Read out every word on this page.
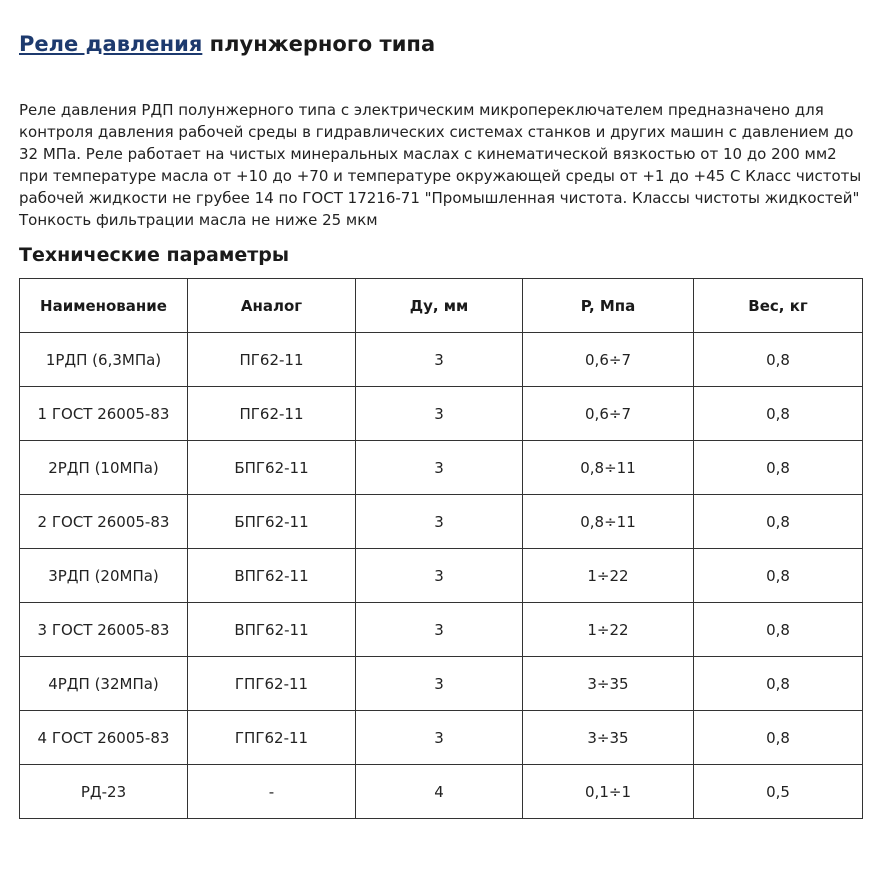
Реле давления плунжерного типа

Реле давления РДП полунжерного типа с электрическим микропереключателем предназначено для контроля давления рабочей среды в гидравлических системах станков и других машин с давлением до 32 МПа. Реле работает на чистых минеральных маслах с кинематической вязкостью от 10 до 200 мм2 при температуре масла от +10 до +70 и температуре окружающей среды от +1 до +45 С Класс чистоты рабочей жидкости не грубее 14 по ГОСТ 17216-71 "Промышленная чистота. Классы чистоты жидкостей" Тонкость фильтрации масла не ниже 25 мкм

Технические параметры
Наименование	Аналог	Ду, мм	P, Мпа	Вес, кг
1РДП (6,3МПа)	ПГ62-11	3	0,6÷7	0,8
1 ГОСТ 26005-83	ПГ62-11	3	0,6÷7	0,8
2РДП (10МПа)	БПГ62-11	3	0,8÷11	0,8
2 ГОСТ 26005-83	БПГ62-11	3	0,8÷11	0,8
3РДП (20МПа)	ВПГ62-11	3	1÷22	0,8
3 ГОСТ 26005-83	ВПГ62-11	3	1÷22	0,8
4РДП (32МПа)	ГПГ62-11	3	3÷35	0,8
4 ГОСТ 26005-83	ГПГ62-11	3	3÷35	0,8
РД-23	-	4	0,1÷1	0,5
